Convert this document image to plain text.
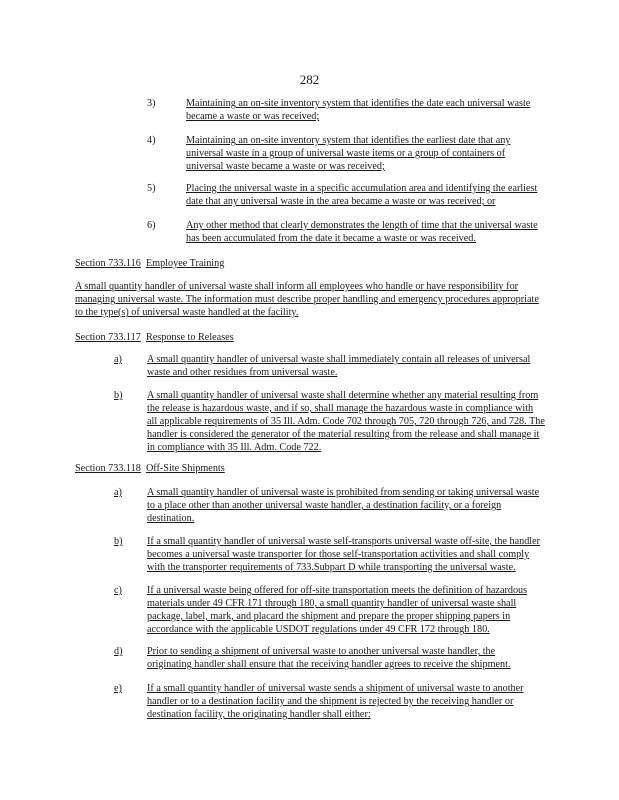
282
3)	Maintaining an on-site inventory system that identifies the date each universal waste became a waste or was received;
4)	Maintaining an on-site inventory system that identifies the earliest date that any universal waste in a group of universal waste items or a group of containers of universal waste became a waste or was received;
5)	Placing the universal waste in a specific accumulation area and identifying the earliest date that any universal waste in the area became a waste or was received; or
6)	Any other method that clearly demonstrates the length of time that the universal waste has been accumulated from the date it became a waste or was received.
Section 733.116 Employee Training
A small quantity handler of universal waste shall inform all employees who handle or have responsibility for managing universal waste. The information must describe proper handling and emergency procedures appropriate to the type(s) of universal waste handled at the facility.
Section 733.117 Response to Releases
a) A small quantity handler of universal waste shall immediately contain all releases of universal waste and other residues from universal waste.
b) A small quantity handler of universal waste shall determine whether any material resulting from the release is hazardous waste, and if so, shall manage the hazardous waste in compliance with all applicable requirements of 35 Ill. Adm. Code 702 through 705, 720 through 726, and 728. The handler is considered the generator of the material resulting from the release and shall manage it in compliance with 35 Ill. Adm. Code 722.
Section 733.118 Off-Site Shipments
a) A small quantity handler of universal waste is prohibited from sending or taking universal waste to a place other than another universal waste handler, a destination facility, or a foreign destination.
b) If a small quantity handler of universal waste self-transports universal waste off-site, the handler becomes a universal waste transporter for those self-transportation activities and shall comply with the transporter requirements of 733.Subpart D while transporting the universal waste.
c) If a universal waste being offered for off-site transportation meets the definition of hazardous materials under 49 CFR 171 through 180, a small quantity handler of universal waste shall package, label, mark, and placard the shipment and prepare the proper shipping papers in accordance with the applicable USDOT regulations under 49 CFR 172 through 180.
d) Prior to sending a shipment of universal waste to another universal waste handler, the originating handler shall ensure that the receiving handler agrees to receive the shipment.
e) If a small quantity handler of universal waste sends a shipment of universal waste to another handler or to a destination facility and the shipment is rejected by the receiving handler or destination facility, the originating handler shall either:
